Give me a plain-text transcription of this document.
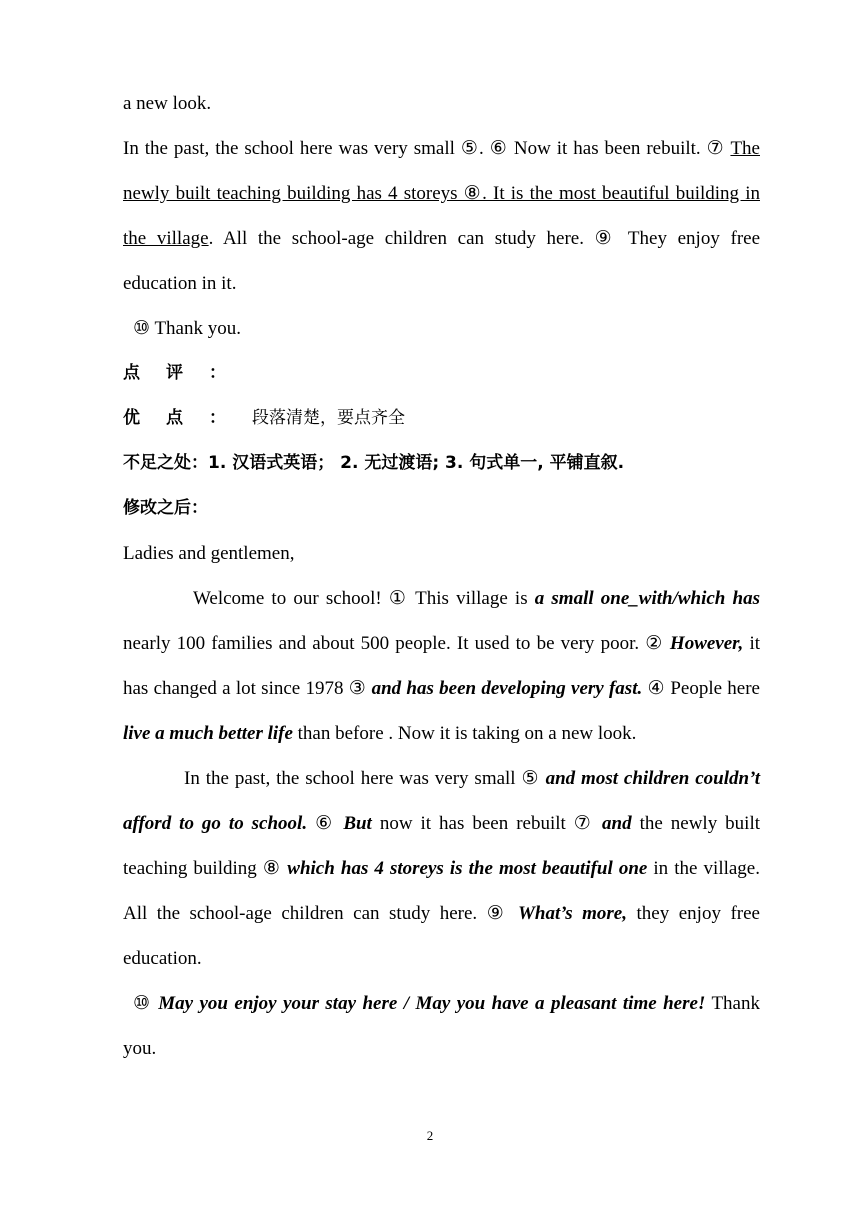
a new look.

In the past, the school here was very small ⑤. ⑥ Now it has been rebuilt. ⑦ The newly built teaching building has 4 storeys ⑧. It is the most beautiful building in the village. All the school-age children can study here. ⑨ They enjoy free education in it.

⑩ Thank you.

点评：

优点：段落清楚，要点齐全

不足之处：1. 汉语式英语； 2. 无过渡语; 3. 句式单一, 平铺直叙.

修改之后：

Ladies and gentlemen,

Welcome to our school! ① This village is a small one_with/which has nearly 100 families and about 500 people. It used to be very poor. ② However, it has changed a lot since 1978 ③ and has been developing very fast. ④ People here live a much better life than before . Now it is taking on a new look.

In the past, the school here was very small ⑤ and most children couldn’t afford to go to school. ⑥ But now it has been rebuilt ⑦ and the newly built teaching building ⑧ which has 4 storeys is the most beautiful one in the village. All the school-age children can study here. ⑨ What’s more, they enjoy free education.

⑩ May you enjoy your stay here / May you have a pleasant time here! Thank you.

2
